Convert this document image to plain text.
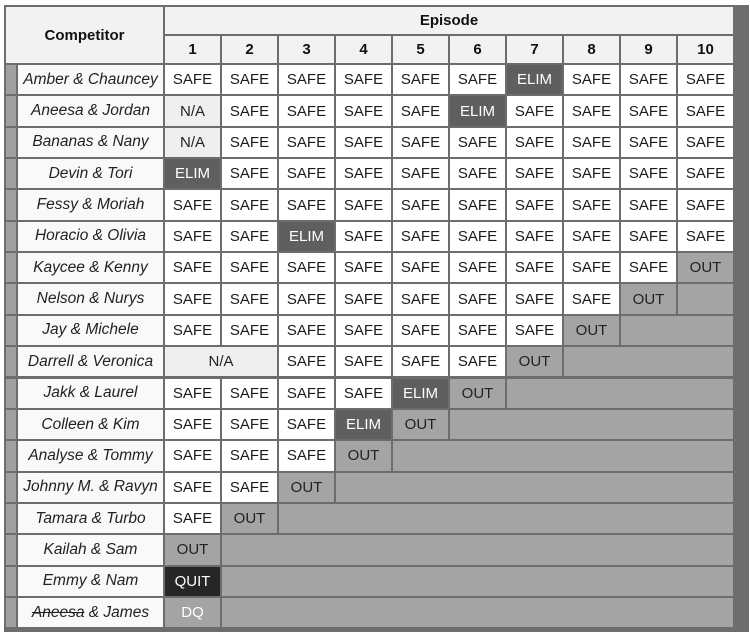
Competitor
Episode
1	2	3	4	5	6	7	8	9	10
Amber & Chauncey	SAFE	SAFE	SAFE	SAFE	SAFE	SAFE	ELIM	SAFE	SAFE	SAFE
Aneesa & Jordan	N/A	SAFE	SAFE	SAFE	SAFE	ELIM	SAFE	SAFE	SAFE	SAFE
Bananas & Nany	N/A	SAFE	SAFE	SAFE	SAFE	SAFE	SAFE	SAFE	SAFE	SAFE
Devin & Tori	ELIM	SAFE	SAFE	SAFE	SAFE	SAFE	SAFE	SAFE	SAFE	SAFE
Fessy & Moriah	SAFE	SAFE	SAFE	SAFE	SAFE	SAFE	SAFE	SAFE	SAFE	SAFE
Horacio & Olivia	SAFE	SAFE	ELIM	SAFE	SAFE	SAFE	SAFE	SAFE	SAFE	SAFE
Kaycee & Kenny	SAFE	SAFE	SAFE	SAFE	SAFE	SAFE	SAFE	SAFE	SAFE	OUT
Nelson & Nurys	SAFE	SAFE	SAFE	SAFE	SAFE	SAFE	SAFE	SAFE	OUT
Jay & Michele	SAFE	SAFE	SAFE	SAFE	SAFE	SAFE	SAFE	OUT
Darrell & Veronica	N/A	SAFE	SAFE	SAFE	SAFE	OUT
Jakk & Laurel	SAFE	SAFE	SAFE	SAFE	ELIM	OUT
Colleen & Kim	SAFE	SAFE	SAFE	ELIM	OUT
Analyse & Tommy	SAFE	SAFE	SAFE	OUT
Johnny M. & Ravyn	SAFE	SAFE	OUT
Tamara & Turbo	SAFE	OUT
Kailah & Sam	OUT
Emmy & Nam	QUIT
Aneesa & James	DQ
